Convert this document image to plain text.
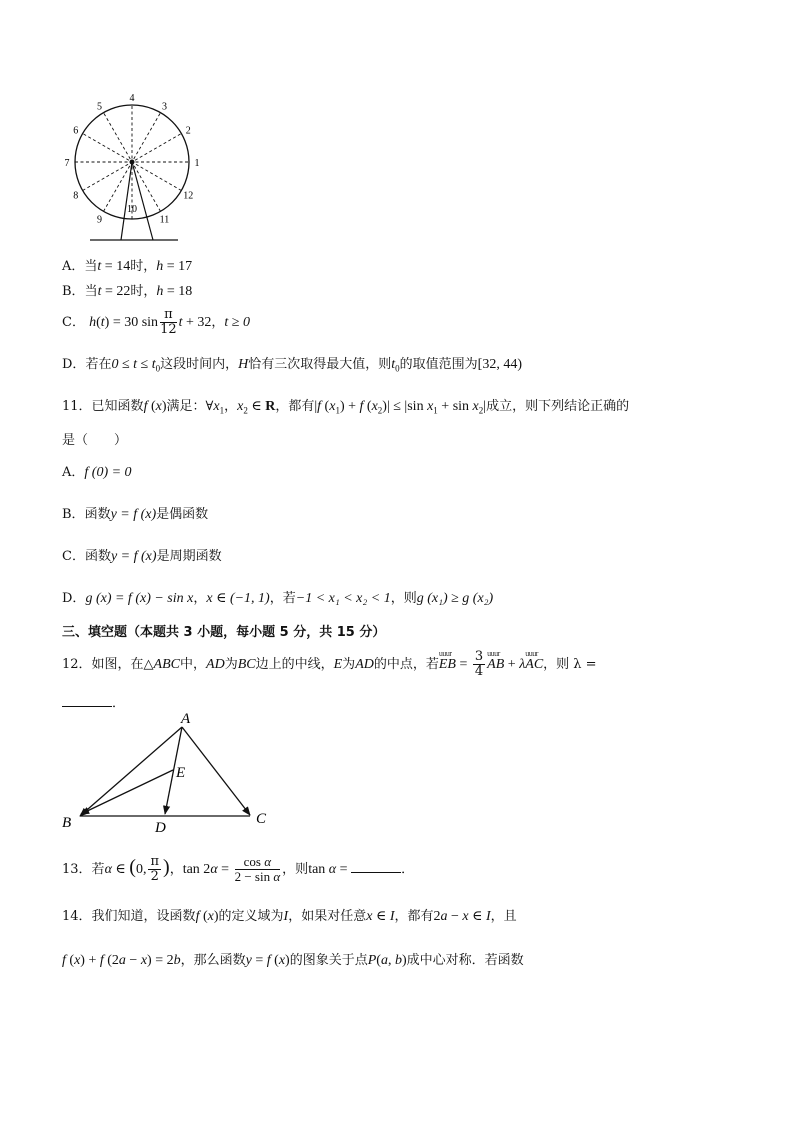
1
2
3
4
5
6
7
8
9
10
11
12
A．当t = 14时，h = 17
B．当t = 22时，h = 18
C． h(t) = 30 $\sin \frac{\pi}{12}$ t + 32，t ≥ 0
D．若在$0 \le t \le t_0$这段时间内，H恰有三次取得最大值，则$t_0$的取值范围为[32, 44)
11．已知函数f (x)满足：$\forall x_1$，$x_2$ ∈ R，都有|f $(x_1) + f$ $(x_2)| \le |\sin$ $x_1 + \sin x_2|$成立，则下列结论正确的
是（　　）
A．f (0) = 0
B．函数y = f (x)是偶函数
C．函数y = f (x)是周期函数
D．g (x) = f (x) − sin x，x ∈ (−1, 1)，若−1 < x₁ < x₂ < 1，则g (x₁) ≥ g (x₂)
三、填空题（本题共 3 小题，每小题 5 分，共 15 分）
12．如图，在△ABC中，AD为BC边上的中线，E为AD的中点，若uuur EB = $\frac{3}{4}$
uuur AB + λuuur AC，则 λ =
．
A
E
B	D
C
13．若α ∈ (0, $\frac{\pi}{2}$ )，$\tan 2\alpha = \frac{\text{cos α}}{\text{2 − sin α}}$ ，则tan α =	．
14．我们知道，设函数f (x)的定义域为I，如果对任意x ∈ I，都有2a − x ∈ I，且
f (x) + f (2a − x) = 2b，那么函数y = f (x)的图象关于点P(a, b)成中心对称．若函数
